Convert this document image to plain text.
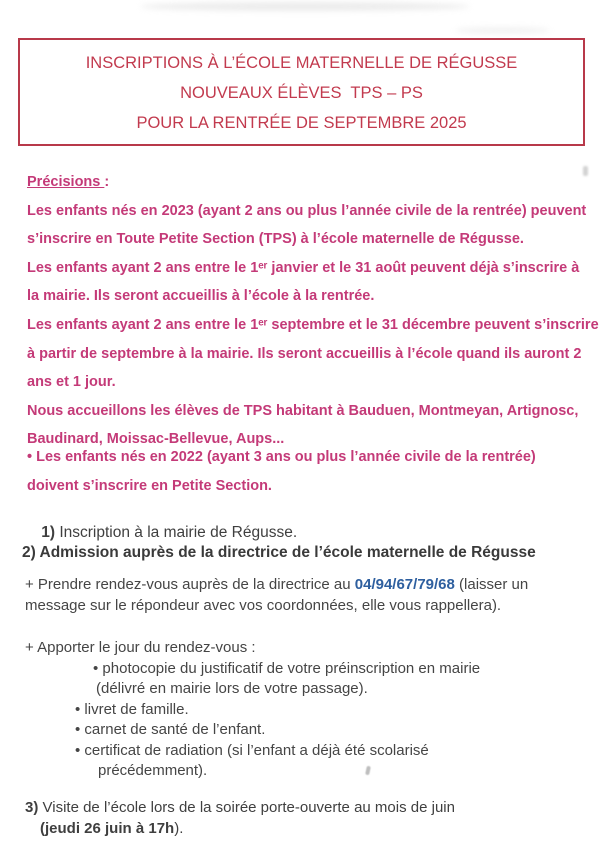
INSCRIPTIONS À L’ÉCOLE MATERNELLE DE RÉGUSSE
NOUVEAUX ÉLÈVES  TPS – PS
POUR LA RENTRÉE DE SEPTEMBRE 2025
Précisions :
Les enfants nés en 2023 (ayant 2 ans ou plus l’année civile de la rentrée) peuvent
s’inscrire en Toute Petite Section (TPS) à l’école maternelle de Régusse.
Les enfants ayant 2 ans entre le 1ᵉʳ janvier et le 31 août peuvent déjà s’inscrire à
la mairie. Ils seront accueillis à l’école à la rentrée.
Les enfants ayant 2 ans entre le 1ᵉʳ septembre et le 31 décembre peuvent s’inscrire
à partir de septembre à la mairie. Ils seront accueillis à l’école quand ils auront 2
ans et 1 jour.
Nous accueillons les élèves de TPS habitant à Bauduen, Montmeyan, Artignosc,
Baudinard, Moissac-Bellevue, Aups...
• Les enfants nés en 2022 (ayant 3 ans ou plus l’année civile de la rentrée)
doivent s’inscrire en Petite Section.

1) Inscription à la mairie de Régusse.

2) Admission auprès de la directrice de l’école maternelle de Régusse
+ Prendre rendez-vous auprès de la directrice au 04/94/67/79/68 (laisser un
message sur le répondeur avec vos coordonnées, elle vous rappellera).
+ Apporter le jour du rendez-vous :
• photocopie du justificatif de votre préinscription en mairie
(délivré en mairie lors de votre passage).
• livret de famille.
• carnet de santé de l’enfant.
• certificat de radiation (si l’enfant a déjà été scolarisé
précédemment).
3) Visite de l’école lors de la soirée porte-ouverte au mois de juin
(jeudi 26 juin à 17h).
